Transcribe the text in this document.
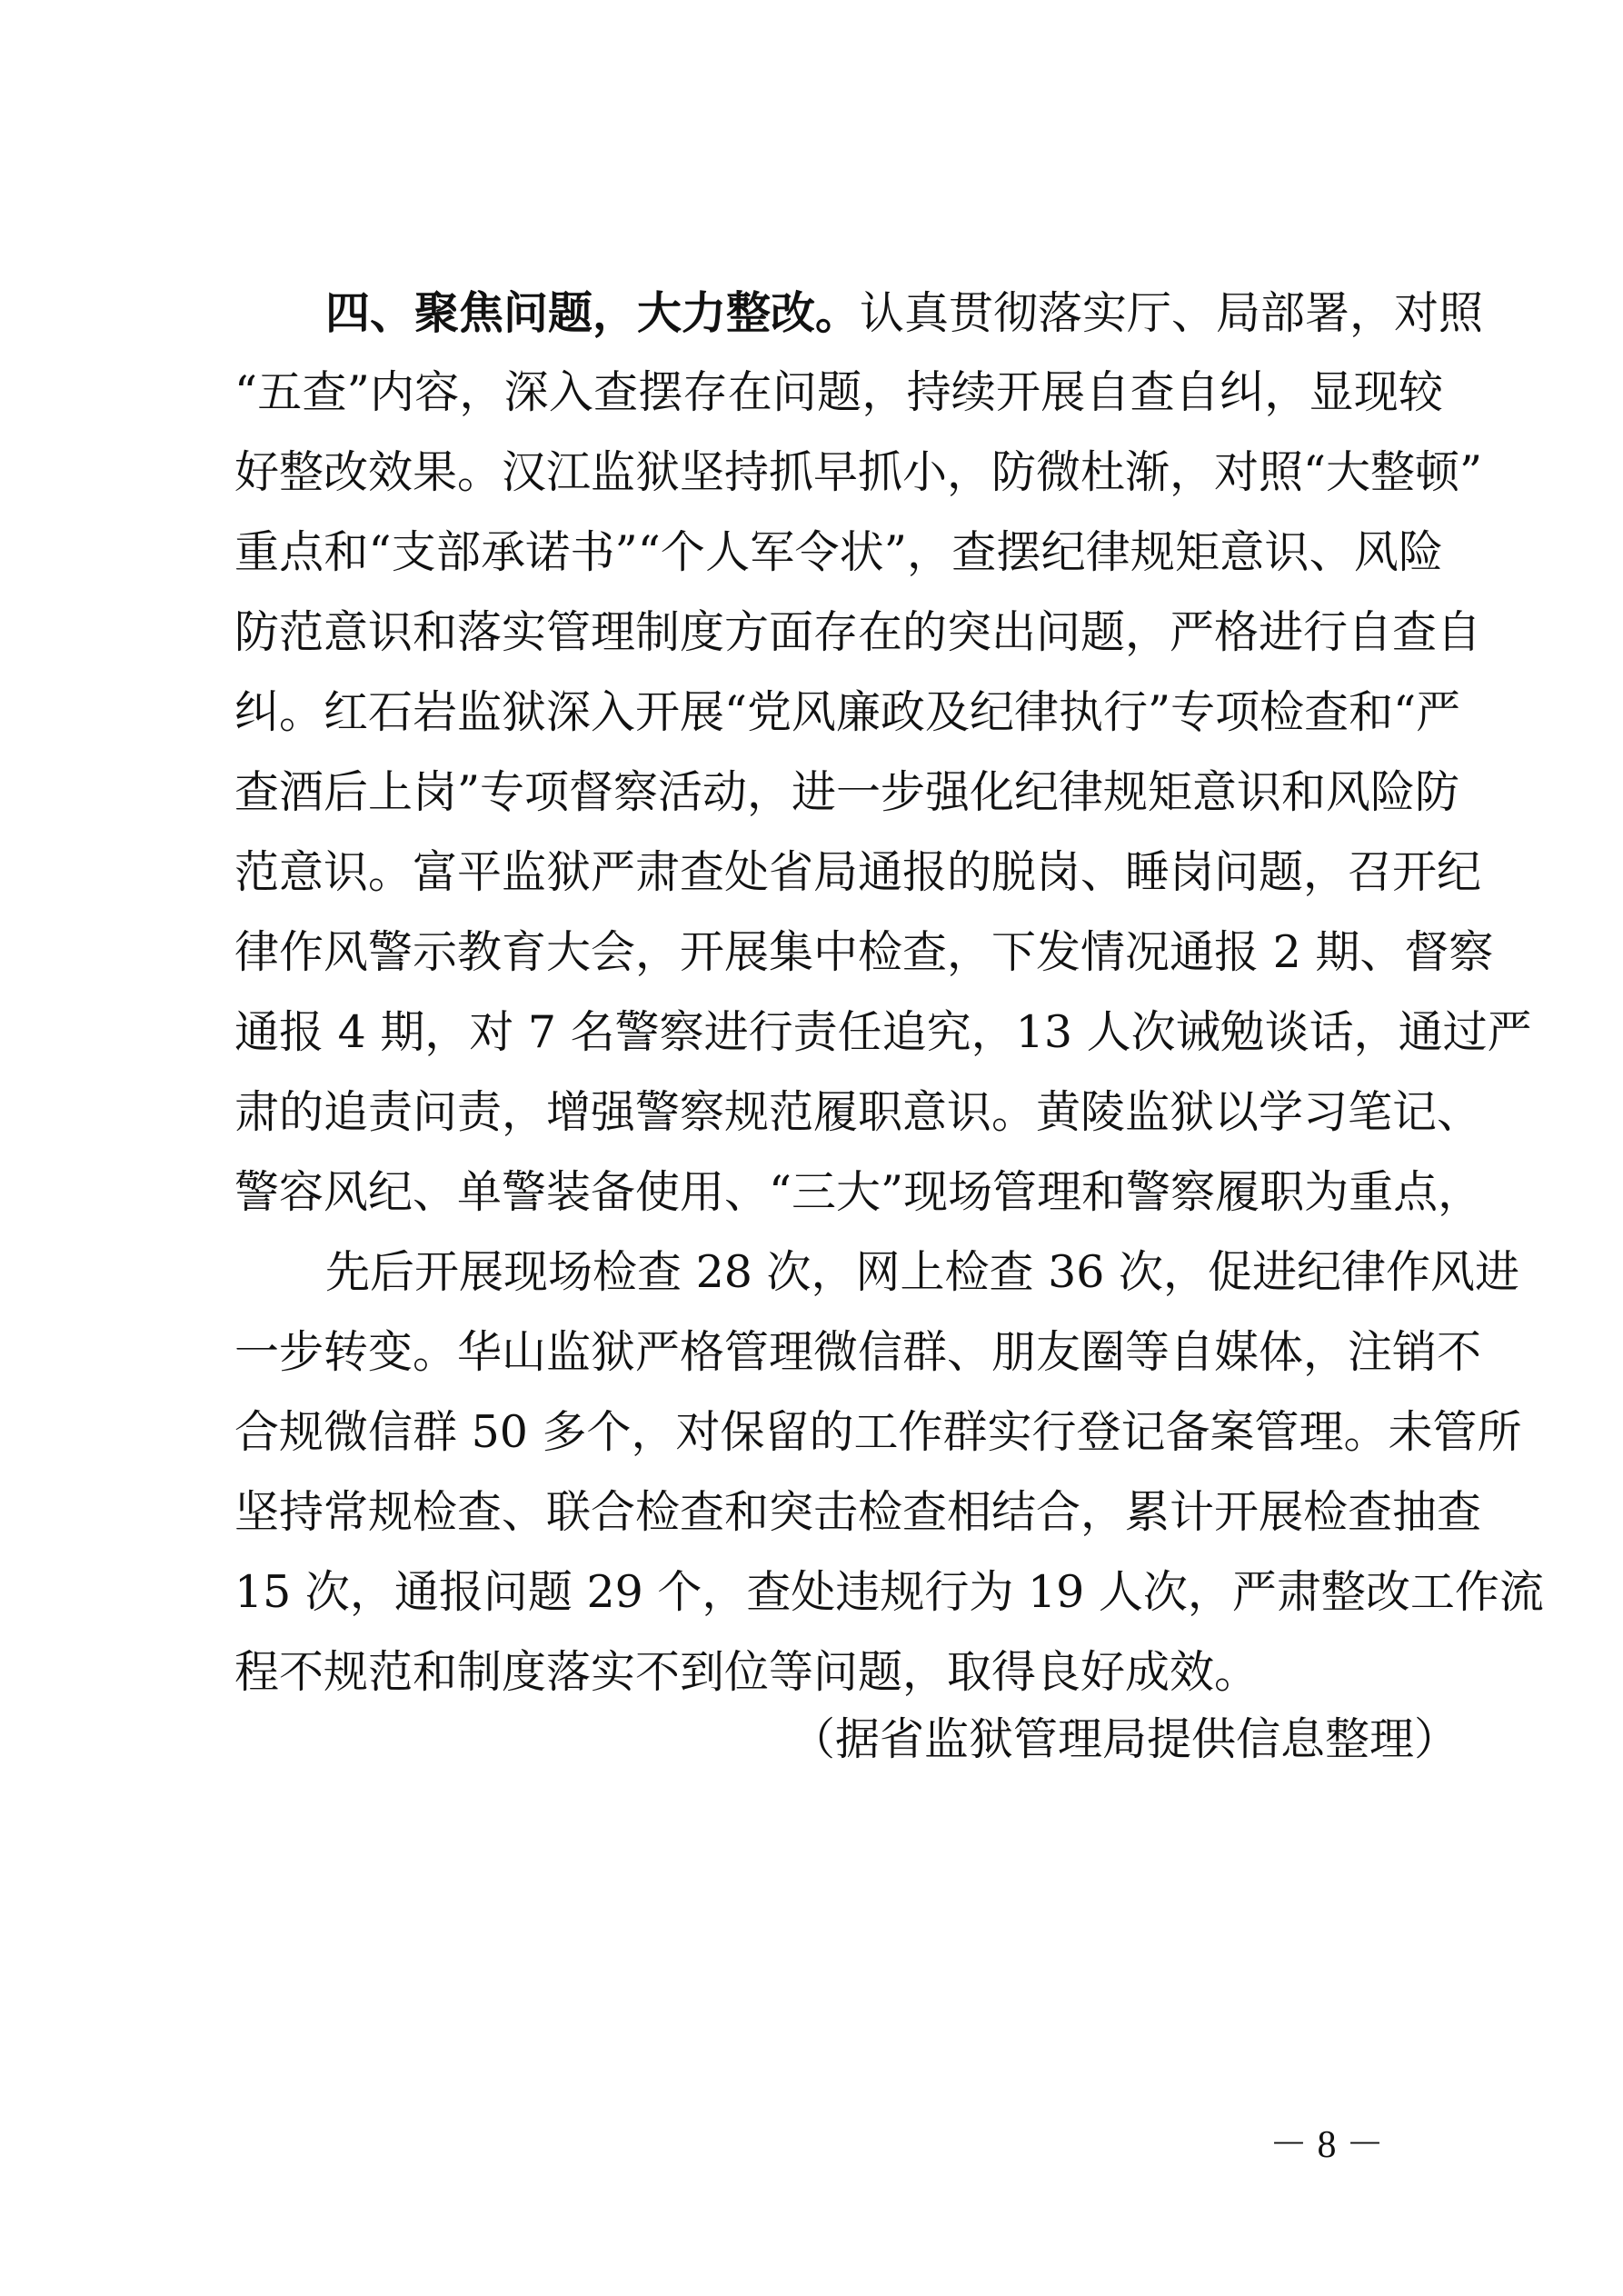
四、聚焦问题，大力整改。认真贯彻落实厅、局部署，对照
“五查”内容，深入查摆存在问题，持续开展自查自纠，显现较
好整改效果。汉江监狱坚持抓早抓小，防微杜渐，对照“大整顿”
重点和“支部承诺书”“个人军令状”，查摆纪律规矩意识、风险
防范意识和落实管理制度方面存在的突出问题，严格进行自查自
纠。红石岩监狱深入开展“党风廉政及纪律执行”专项检查和“严
查酒后上岗”专项督察活动，进一步强化纪律规矩意识和风险防
范意识。富平监狱严肃查处省局通报的脱岗、睡岗问题，召开纪
律作风警示教育大会，开展集中检查，下发情况通报 2 期、督察
通报 4 期，对 7 名警察进行责任追究，13 人次诫勉谈话，通过严
肃的追责问责，增强警察规范履职意识。黄陵监狱以学习笔记、
警容风纪、单警装备使用、“三大”现场管理和警察履职为重点，
先后开展现场检查 28 次，网上检查 36 次，促进纪律作风进
一步转变。华山监狱严格管理微信群、朋友圈等自媒体，注销不
合规微信群 50 多个，对保留的工作群实行登记备案管理。未管所
坚持常规检查、联合检查和突击检查相结合，累计开展检查抽查
15 次，通报问题 29 个，查处违规行为 19 人次，严肃整改工作流
程不规范和制度落实不到位等问题，取得良好成效。
（据省监狱管理局提供信息整理）
－ 8 －
